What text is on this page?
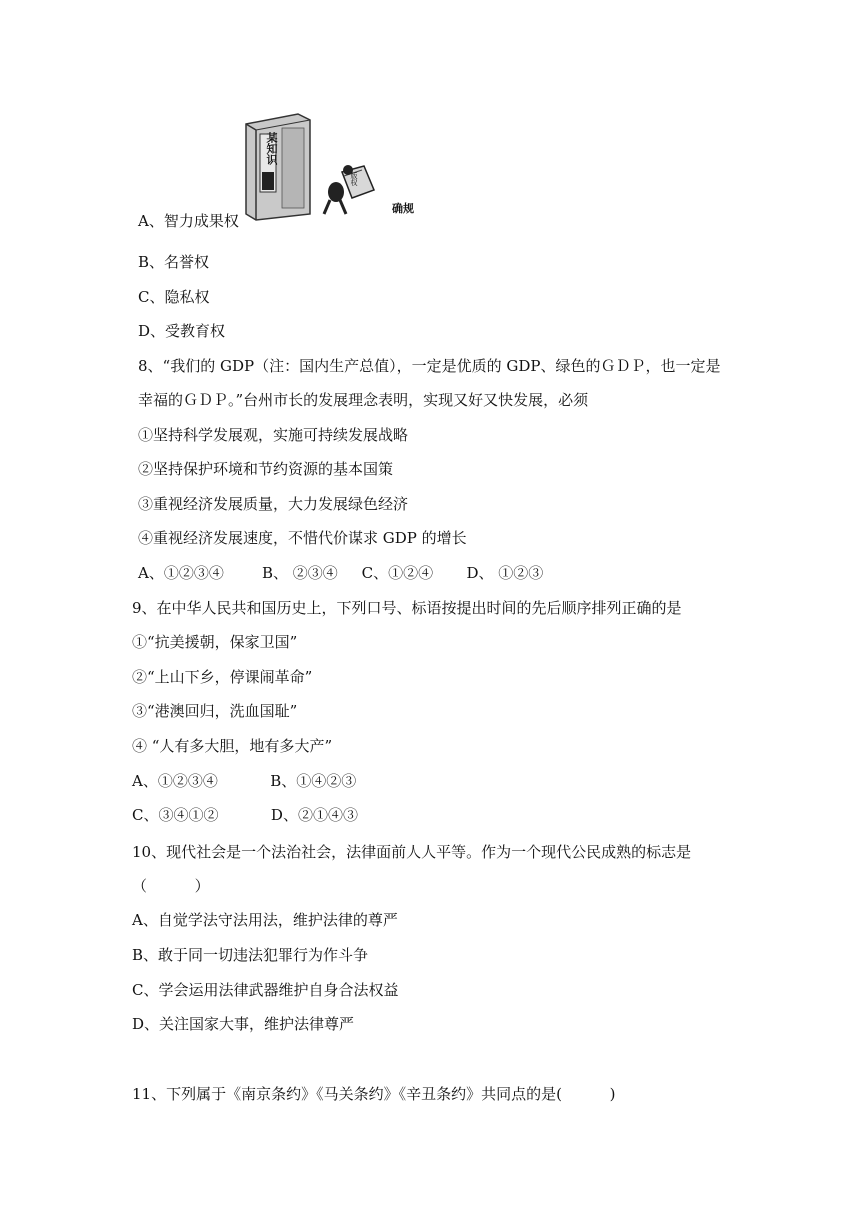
某知识
版权
确规
A、智力成果权
B、名誉权
C、隐私权
D、受教育权
8、“我们的 GDP（注：国内生产总值），一定是优质的 GDP、绿色的ＧＤＰ，也一定是
幸福的ＧＤＰ。”台州市长的发展理念表明，实现又好又快发展，必须
①坚持科学发展观，实施可持续发展战略
②坚持保护环境和节约资源的基本国策
③重视经济发展质量，大力发展绿色经济
④重视经济发展速度，不惜代价谋求 GDP 的增长
A、①②③④        B、 ②③④     C、①②④       D、 ①②③
9、在中华人民共和国历史上，下列口号、标语按提出时间的先后顺序排列正确的是
①“抗美援朝，保家卫国”
②“上山下乡，停课闹革命”
③“港澳回归，洗血国耻”
④ “人有多大胆，地有多大产”
A、①②③④           B、①④②③
C、③④①②           D、②①④③
10、现代社会是一个法治社会，法律面前人人平等。作为一个现代公民成熟的标志是
（          ）
A、自觉学法守法用法，维护法律的尊严
B、敢于同一切违法犯罪行为作斗争
C、学会运用法律武器维护自身合法权益
D、关注国家大事，维护法律尊严
11、下列属于《南京条约》《马关条约》《辛丑条约》共同点的是(          )
